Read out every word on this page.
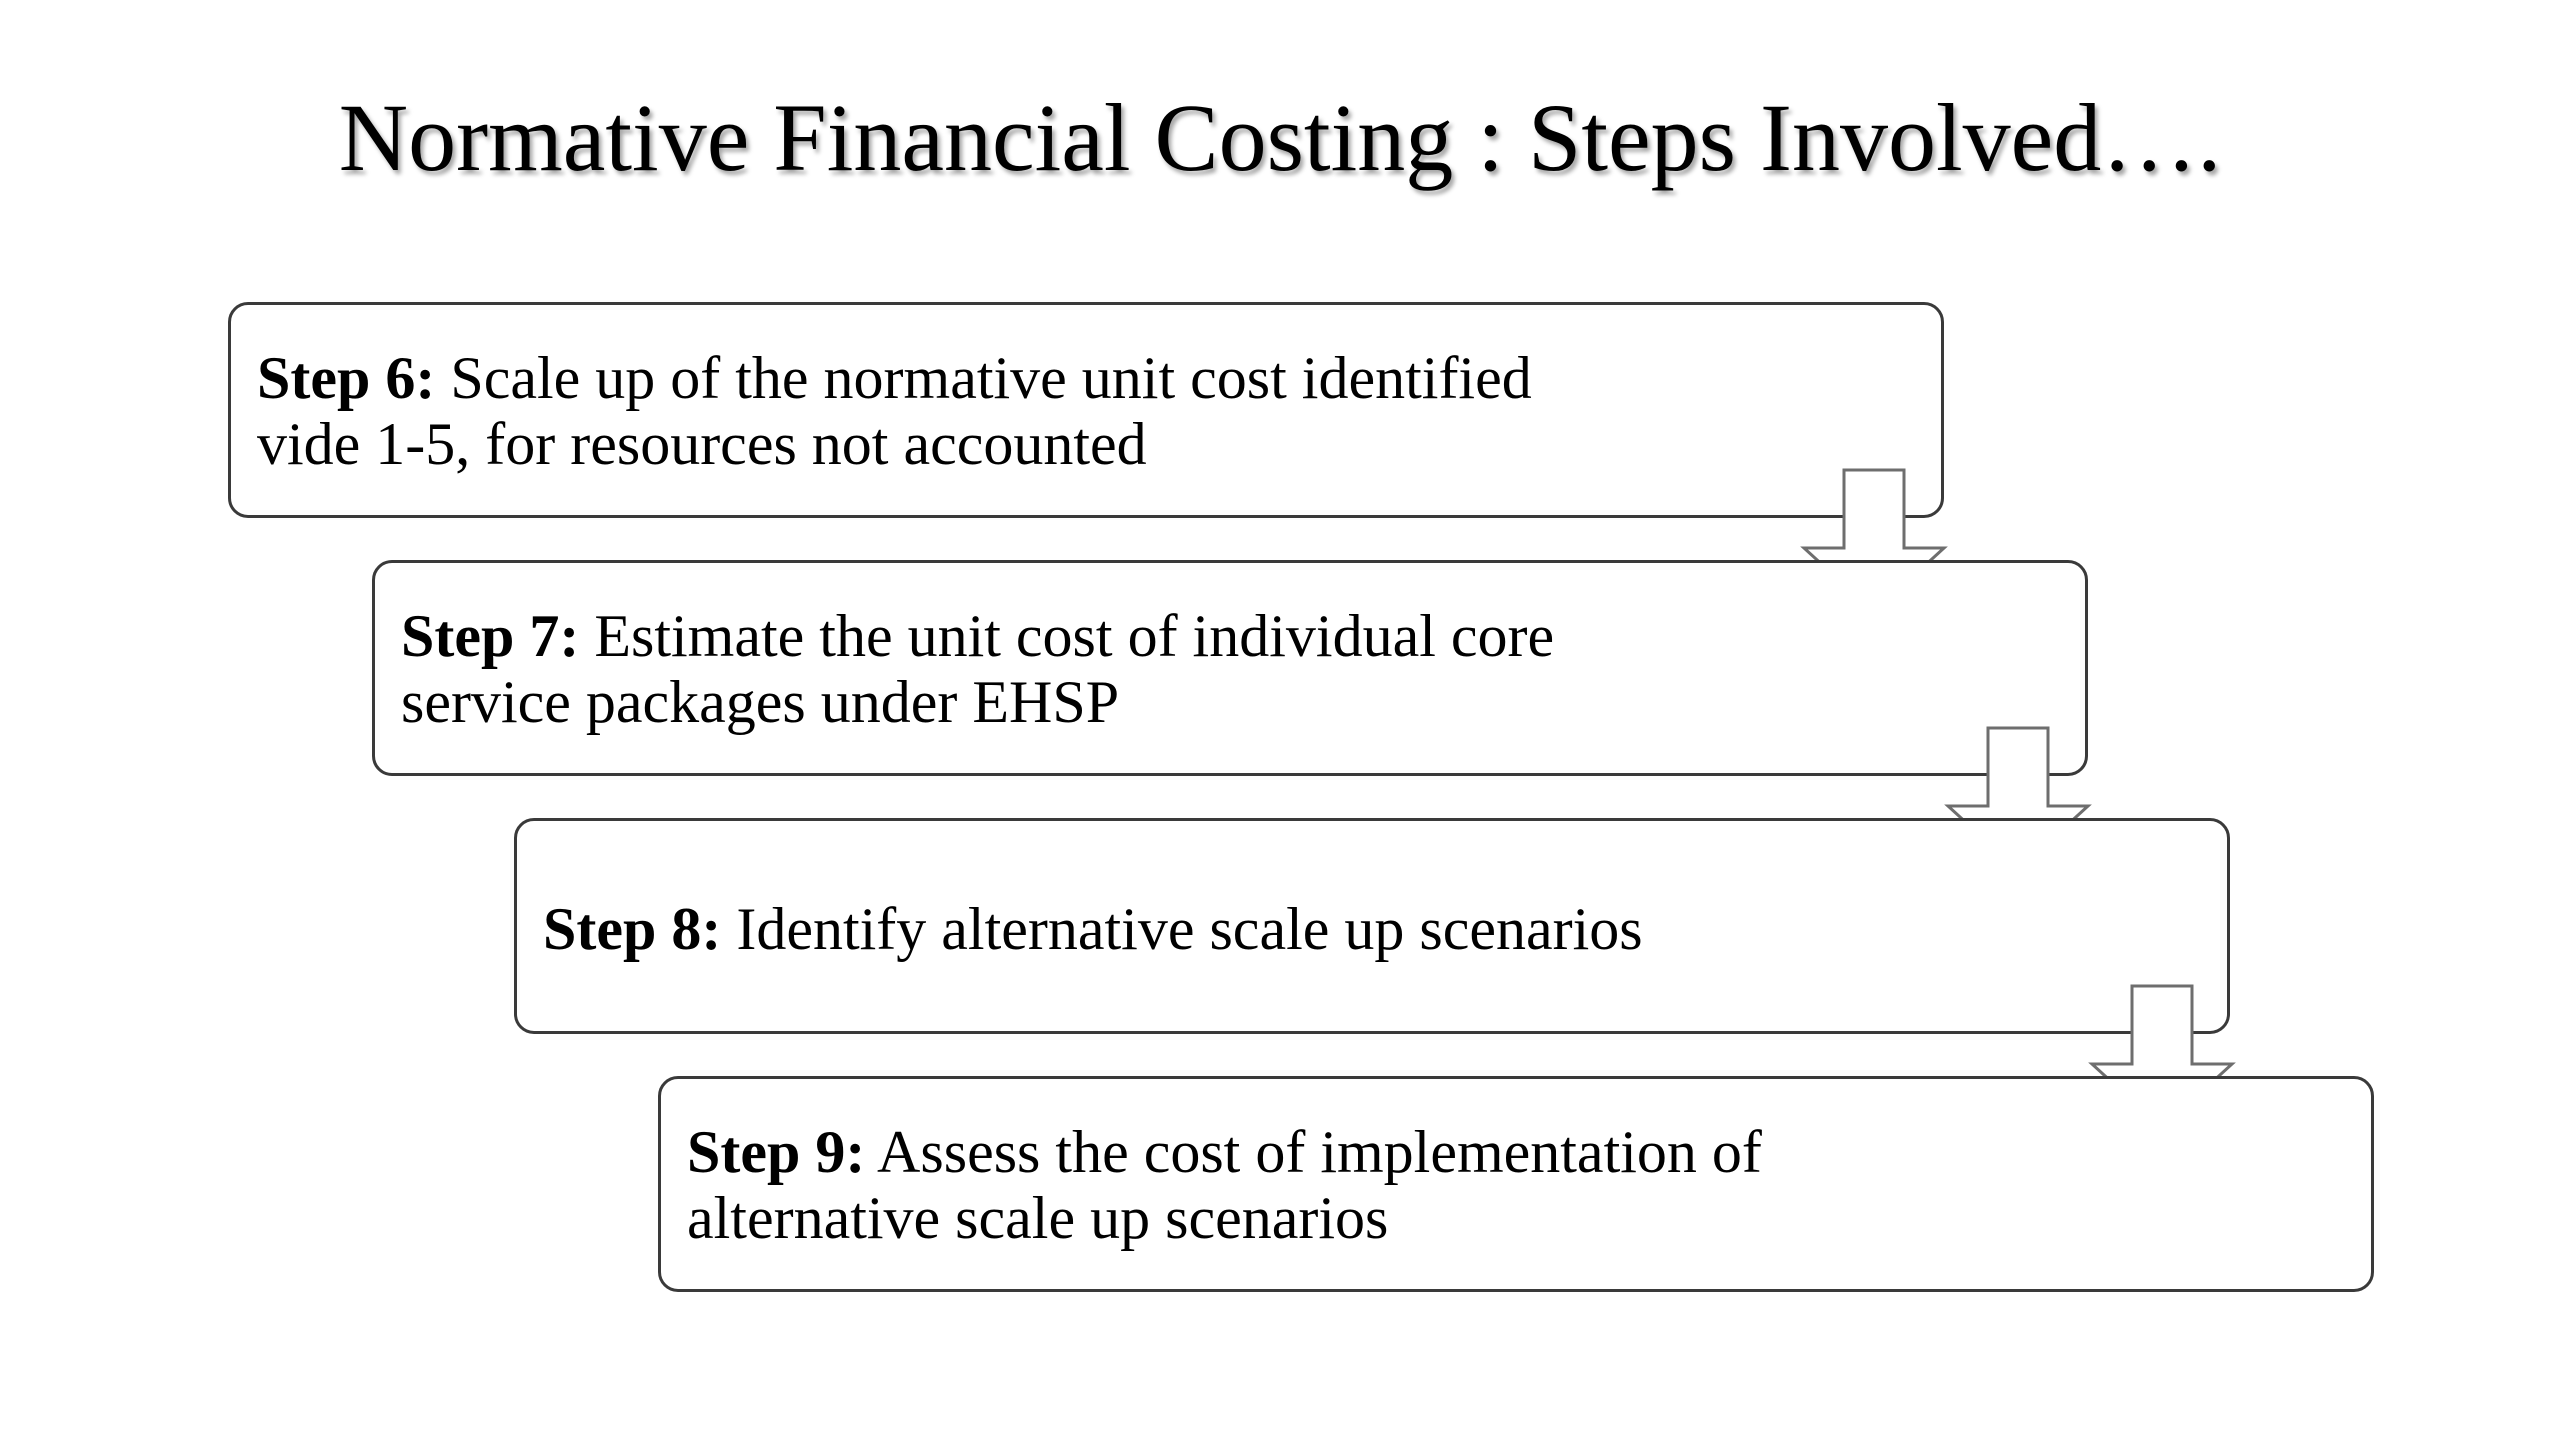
Normative Financial Costing : Steps Involved….
Step 6: Scale up of the normative unit cost identified
vide 1-5, for resources not accounted
Step 7: Estimate the unit cost of individual core
service packages under EHSP
Step 8: Identify alternative scale up scenarios
Step 9: Assess the cost of implementation of
alternative scale up scenarios
